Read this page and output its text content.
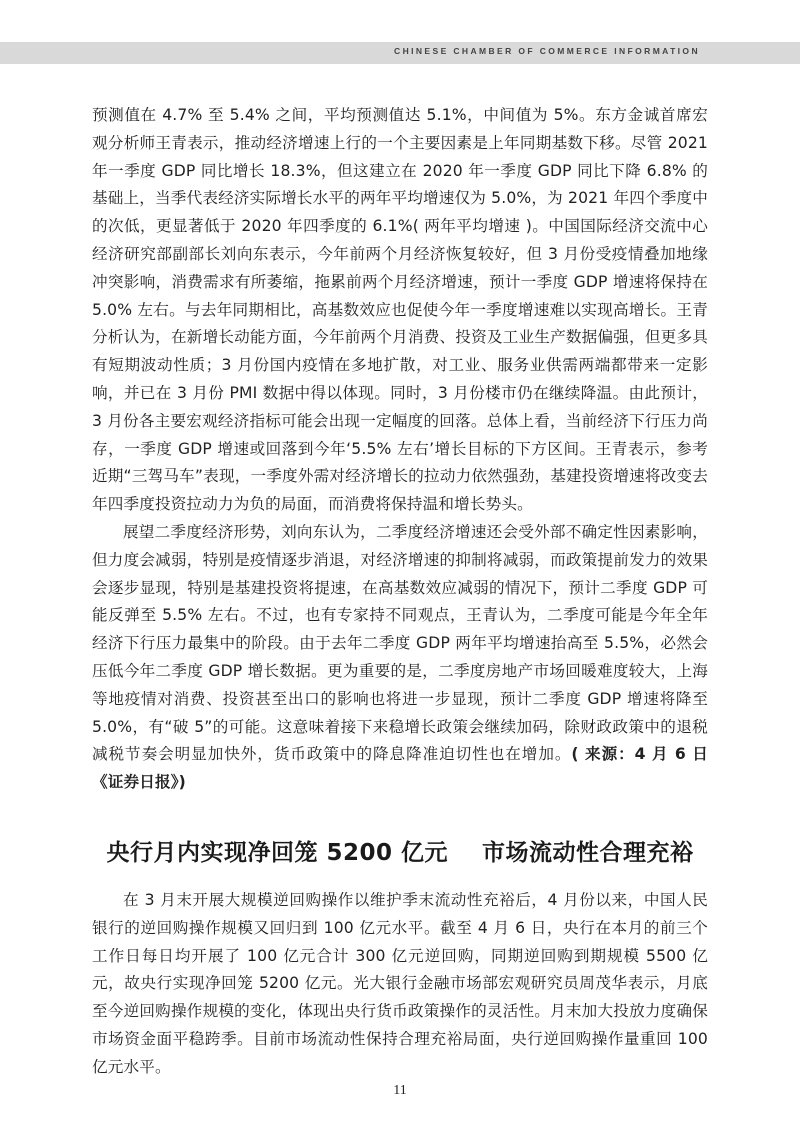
CHINESE CHAMBER OF COMMERCE INFORMATION

预测值在 4.7% 至 5.4% 之间，平均预测值达 5.1%，中间值为 5%。东方金诚首席宏观分析师王青表示，推动经济增速上行的一个主要因素是上年同期基数下移。尽管 2021 年一季度 GDP 同比增长 18.3%，但这建立在 2020 年一季度 GDP 同比下降 6.8% 的基础上，当季代表经济实际增长水平的两年平均增速仅为 5.0%，为 2021 年四个季度中的次低，更显著低于 2020 年四季度的 6.1%( 两年平均增速 )。中国国际经济交流中心经济研究部副部长刘向东表示，今年前两个月经济恢复较好，但 3 月份受疫情叠加地缘冲突影响，消费需求有所萎缩，拖累前两个月经济增速，预计一季度 GDP 增速将保持在 5.0% 左右。与去年同期相比，高基数效应也促使今年一季度增速难以实现高增长。王青分析认为，在新增长动能方面，今年前两个月消费、投资及工业生产数据偏强，但更多具有短期波动性质；3 月份国内疫情在多地扩散，对工业、服务业供需两端都带来一定影响，并已在 3 月份 PMI 数据中得以体现。同时，3 月份楼市仍在继续降温。由此预计，3 月份各主要宏观经济指标可能会出现一定幅度的回落。总体上看，当前经济下行压力尚存，一季度 GDP 增速或回落到今年‘5.5% 左右’增长目标的下方区间。王青表示，参考近期“三驾马车”表现，一季度外需对经济增长的拉动力依然强劲，基建投资增速将改变去年四季度投资拉动力为负的局面，而消费将保持温和增长势头。

展望二季度经济形势，刘向东认为，二季度经济增速还会受外部不确定性因素影响，但力度会减弱，特别是疫情逐步消退，对经济增速的抑制将减弱，而政策提前发力的效果会逐步显现，特别是基建投资将提速，在高基数效应减弱的情况下，预计二季度 GDP 可能反弹至 5.5% 左右。不过，也有专家持不同观点，王青认为，二季度可能是今年全年经济下行压力最集中的阶段。由于去年二季度 GDP 两年平均增速抬高至 5.5%，必然会压低今年二季度 GDP 增长数据。更为重要的是，二季度房地产市场回暖难度较大，上海等地疫情对消费、投资甚至出口的影响也将进一步显现，预计二季度 GDP 增速将降至 5.0%，有“破 5”的可能。这意味着接下来稳增长政策会继续加码，除财政政策中的退税减税节奏会明显加快外，货币政策中的降息降准迫切性也在增加。( 来源：4 月 6 日《证券日报》)

央行月内实现净回笼 5200 亿元 市场流动性合理充裕

在 3 月末开展大规模逆回购操作以维护季末流动性充裕后，4 月份以来，中国人民银行的逆回购操作规模又回归到 100 亿元水平。截至 4 月 6 日，央行在本月的前三个工作日每日均开展了 100 亿元合计 300 亿元逆回购，同期逆回购到期规模 5500 亿元，故央行实现净回笼 5200 亿元。光大银行金融市场部宏观研究员周茂华表示，月底至今逆回购操作规模的变化，体现出央行货币政策操作的灵活性。月末加大投放力度确保市场资金面平稳跨季。目前市场流动性保持合理充裕局面，央行逆回购操作量重回 100 亿元水平。

11
